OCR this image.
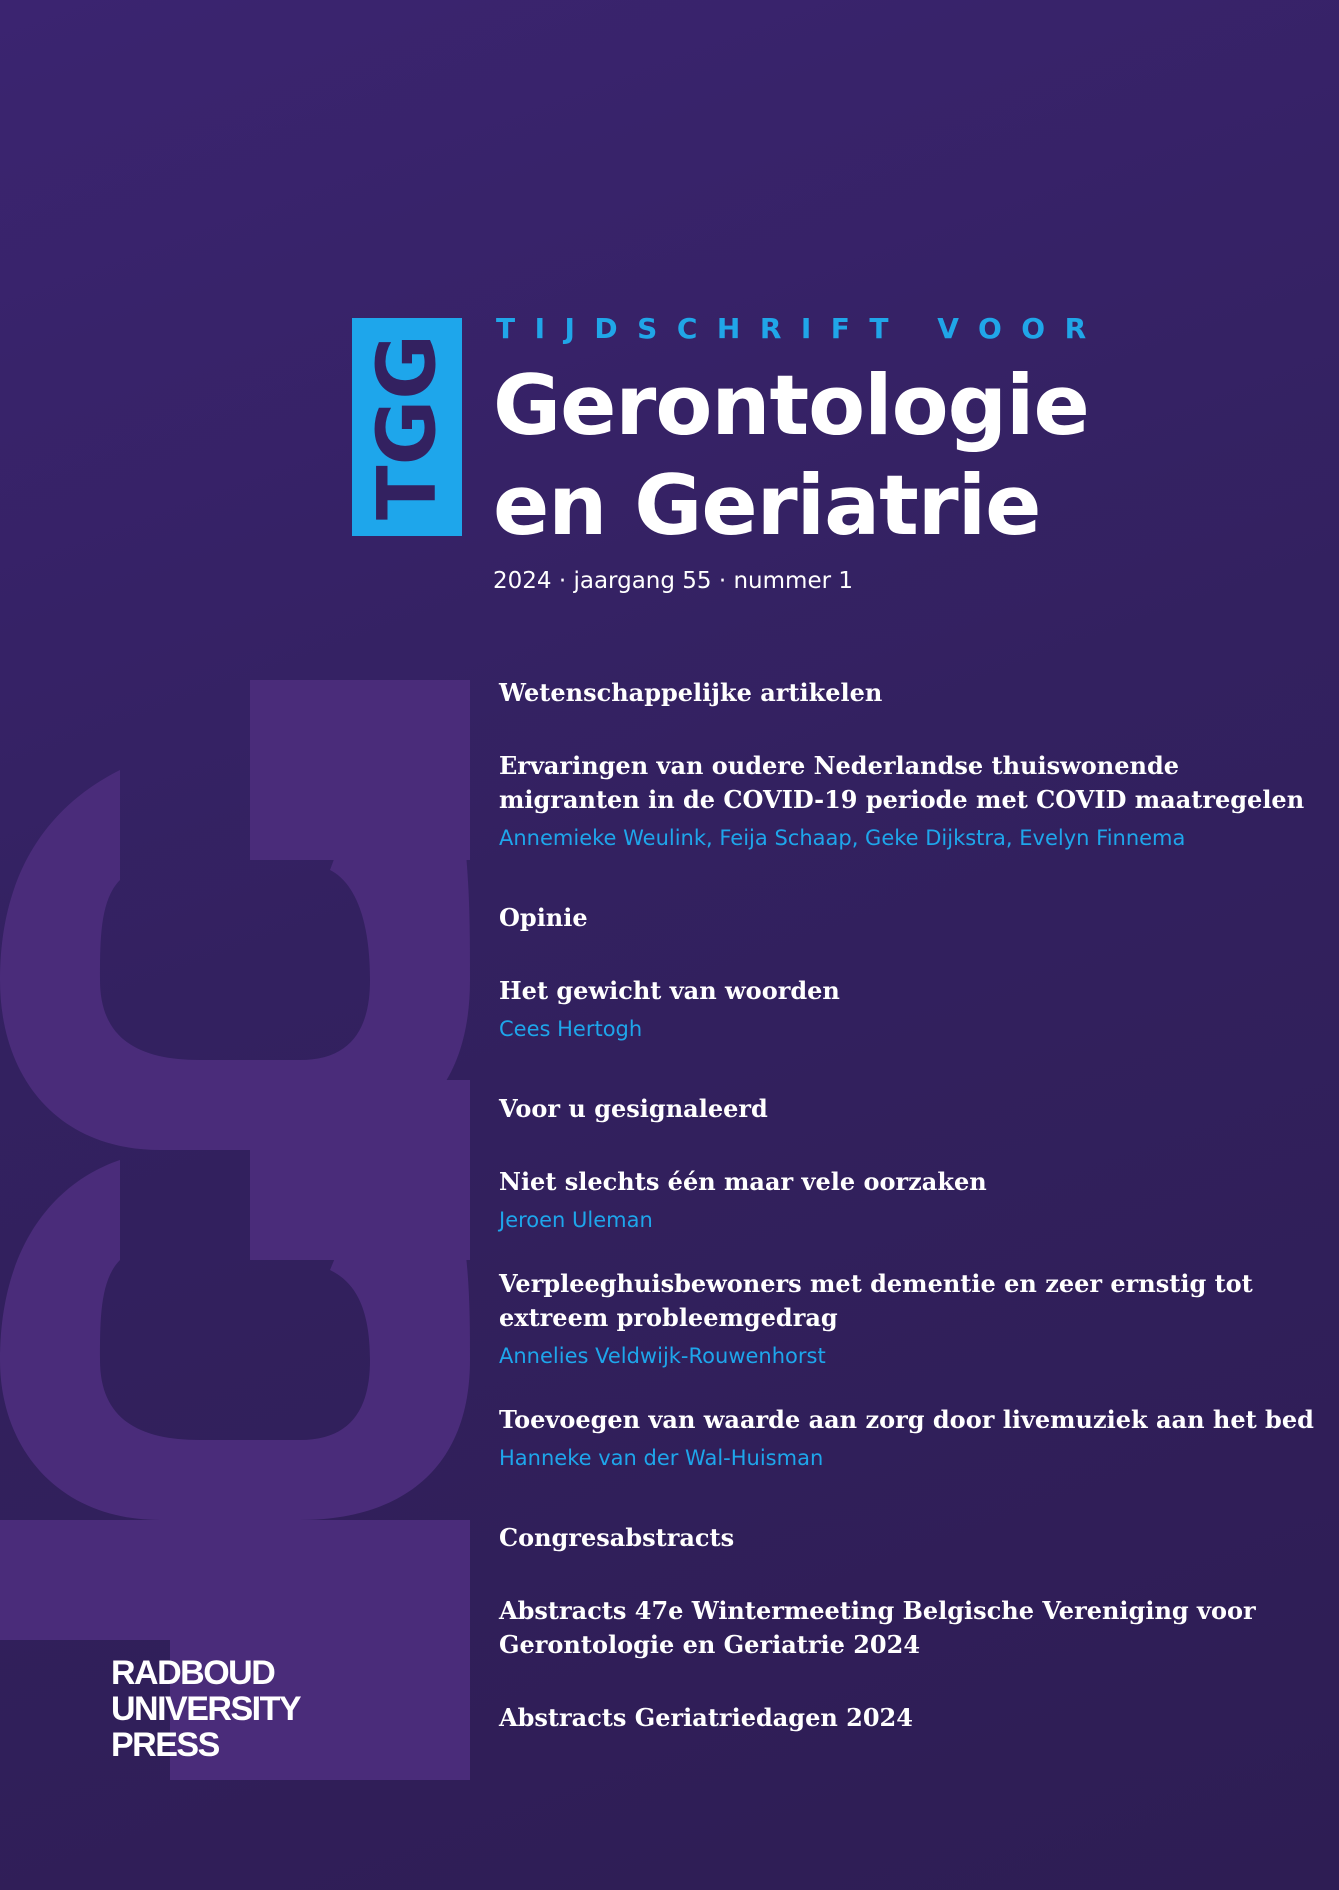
TGG
TIJDSCHRIFT VOOR
Gerontologie
en Geriatrie
2024 · jaargang 55 · nummer 1
Wetenschappelijke artikelen
Ervaringen van oudere Nederlandse thuiswonende
migranten in de COVID-19 periode met COVID maatregelen
Annemieke Weulink, Feija Schaap, Geke Dijkstra, Evelyn Finnema
Opinie
Het gewicht van woorden
Cees Hertogh
Voor u gesignaleerd
Niet slechts één maar vele oorzaken
Jeroen Uleman
Verpleeghuisbewoners met dementie en zeer ernstig tot
extreem probleemgedrag
Annelies Veldwijk-Rouwenhorst
Toevoegen van waarde aan zorg door livemuziek aan het bed
Hanneke van der Wal-Huisman
Congresabstracts
Abstracts 47e Wintermeeting Belgische Vereniging voor
Gerontologie en Geriatrie 2024
Abstracts Geriatriedagen 2024
RADBOUD
UNIVERSITY
PRESS
